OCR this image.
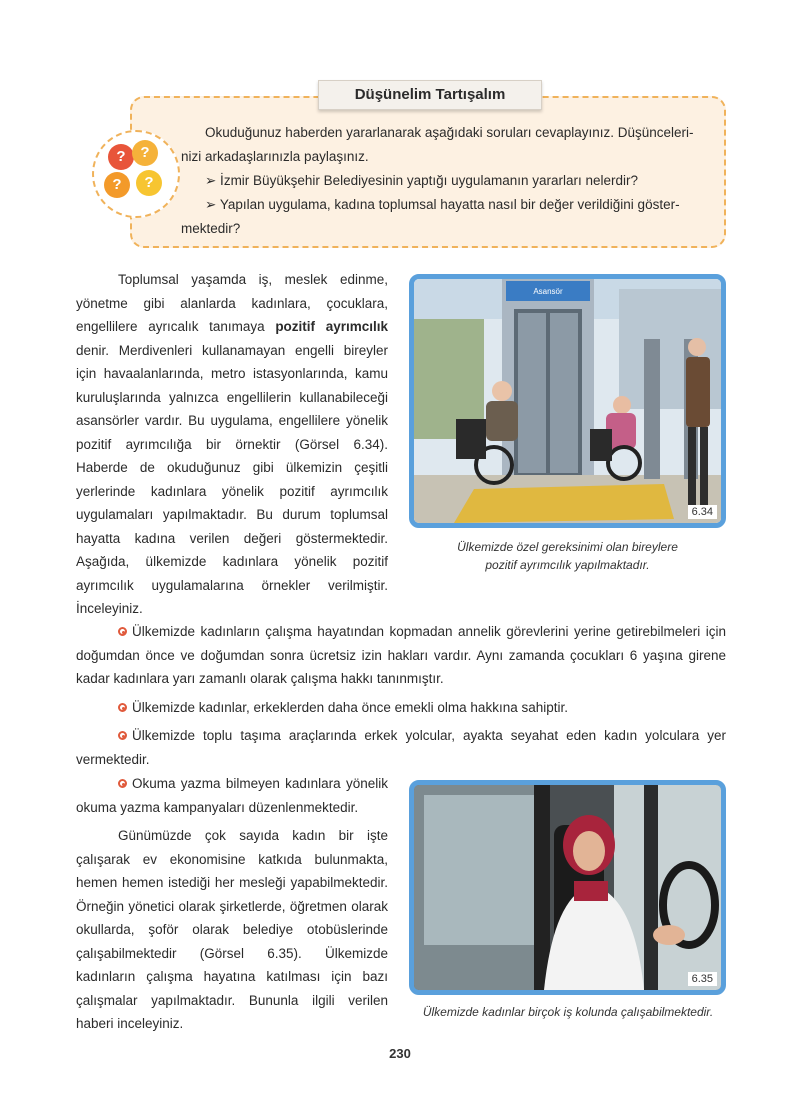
Düşünelim Tartışalım
? ?
?	?

Okuduğunuz haberden yararlanarak aşağıdaki soruları cevaplayınız. Düşünceleri-

nizi arkadaşlarınızla paylaşınız.

➢ İzmir Büyükşehir Belediyesinin yaptığı uygulamanın yararları nelerdir?

➢ Yapılan uygulama, kadına toplumsal hayatta nasıl bir değer verildiğini göster-

mektedir?

Toplumsal yaşamda iş, meslek edinme, yönetme gibi alanlarda kadınlara, çocuklara, engellilere ayrıcalık tanımaya pozitif ayrımcılık denir. Merdivenleri kullanamayan engelli bireyler için havaalanlarında, metro istasyonlarında, kamu kuruluşlarında yalnızca engellilerin kullanabileceği asansörler vardır. Bu uygulama, engellilere yönelik pozitif ayrımcılığa bir örnektir (Görsel 6.34). Haberde de okuduğunuz gibi ülkemizin çeşitli yerlerinde kadınlara yönelik pozitif ayrımcılık uygulamaları yapılmaktadır. Bu durum toplumsal hayatta kadına verilen değeri göstermektedir. Aşağıda, ülkemizde kadınlara yönelik pozitif ayrımcılık uygulamalarına örnekler verilmiştir. İnceleyiniz.

Asansör
6.34
Ülkemizde özel gereksinimi olan bireylere
pozitif ayrımcılık yapılmaktadır.

Ülkemizde kadınların çalışma hayatından kopmadan annelik görevlerini yerine getirebilmeleri için doğumdan önce ve doğumdan sonra ücretsiz izin hakları vardır. Aynı zamanda çocukları 6 yaşına girene kadar kadınlara yarı zamanlı olarak çalışma hakkı tanınmıştır.

Ülkemizde kadınlar, erkeklerden daha önce emekli olma hakkına sahiptir.

Ülkemizde toplu taşıma araçlarında erkek yolcular, ayakta seyahat eden kadın yolculara yer vermektedir.

Okuma yazma bilmeyen kadınlara yönelik okuma yazma kampanyaları düzenlenmektedir.

Günümüzde çok sayıda kadın bir işte çalışarak ev ekonomisine katkıda bulunmakta, hemen hemen istediği her mesleği yapabilmektedir. Örneğin yönetici olarak şirketlerde, öğretmen olarak okullarda, şoför olarak belediye otobüslerinde çalışabilmektedir (Görsel 6.35). Ülkemizde kadınların çalışma hayatına katılması için bazı çalışmalar yapılmaktadır. Bununla ilgili verilen haberi inceleyiniz.

6.35
Ülkemizde kadınlar birçok iş kolunda çalışabilmektedir.
230
